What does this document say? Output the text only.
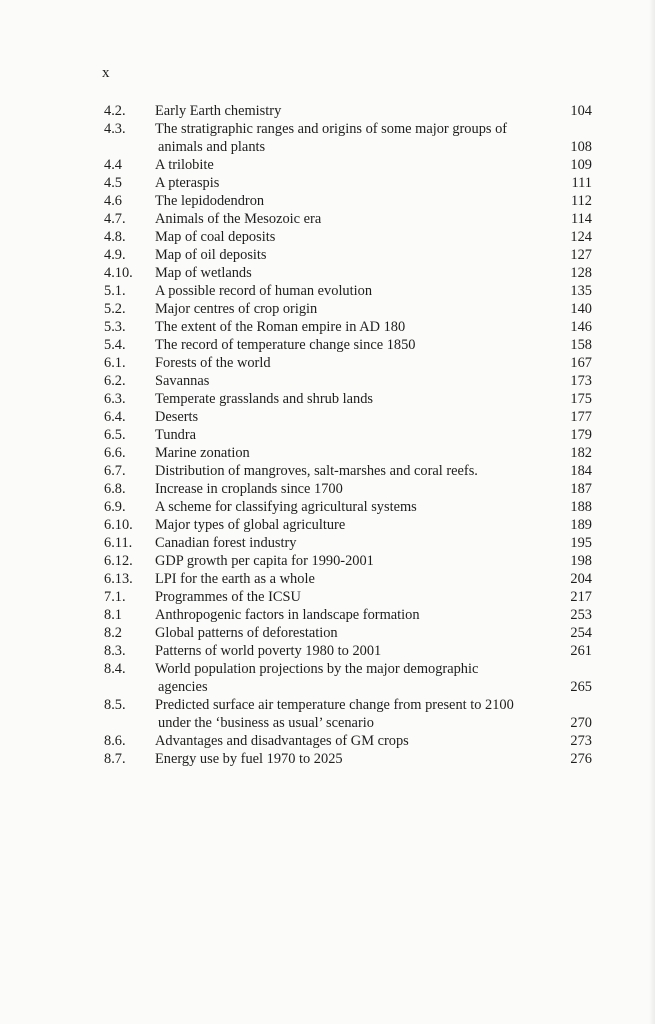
x
4.2.	Early Earth chemistry	104
4.3.	The stratigraphic ranges and origins of some major groups of
animals and plants	108
4.4	A trilobite	109
4.5	A pteraspis	111
4.6	The lepidodendron	112
4.7.	Animals of the Mesozoic era	114
4.8.	Map of coal deposits	124
4.9.	Map of oil deposits	127
4.10.	Map of wetlands	128
5.1.	A possible record of human evolution	135
5.2.	Major centres of crop origin	140
5.3.	The extent of the Roman empire in AD 180	146
5.4.	The record of temperature change since 1850	158
6.1.	Forests of the world	167
6.2.	Savannas	173
6.3.	Temperate grasslands and shrub lands	175
6.4.	Deserts	177
6.5.	Tundra	179
6.6.	Marine zonation	182
6.7.	Distribution of mangroves, salt-marshes and coral reefs.	184
6.8.	Increase in croplands since 1700	187
6.9.	A scheme for classifying agricultural systems	188
6.10.	Major types of global agriculture	189
6.11.	Canadian forest industry	195
6.12.	GDP growth per capita for 1990-2001	198
6.13.	LPI for the earth as a whole	204
7.1.	Programmes of the ICSU	217
8.1	Anthropogenic factors in landscape formation	253
8.2	Global patterns of deforestation	254
8.3.	Patterns of world poverty 1980 to 2001	261
8.4.	World population projections by the major demographic
agencies	265
8.5.	Predicted surface air temperature change from present to 2100
under the ‘business as usual’ scenario	270
8.6.	Advantages and disadvantages of GM crops	273
8.7.	Energy use by fuel 1970 to 2025	276
